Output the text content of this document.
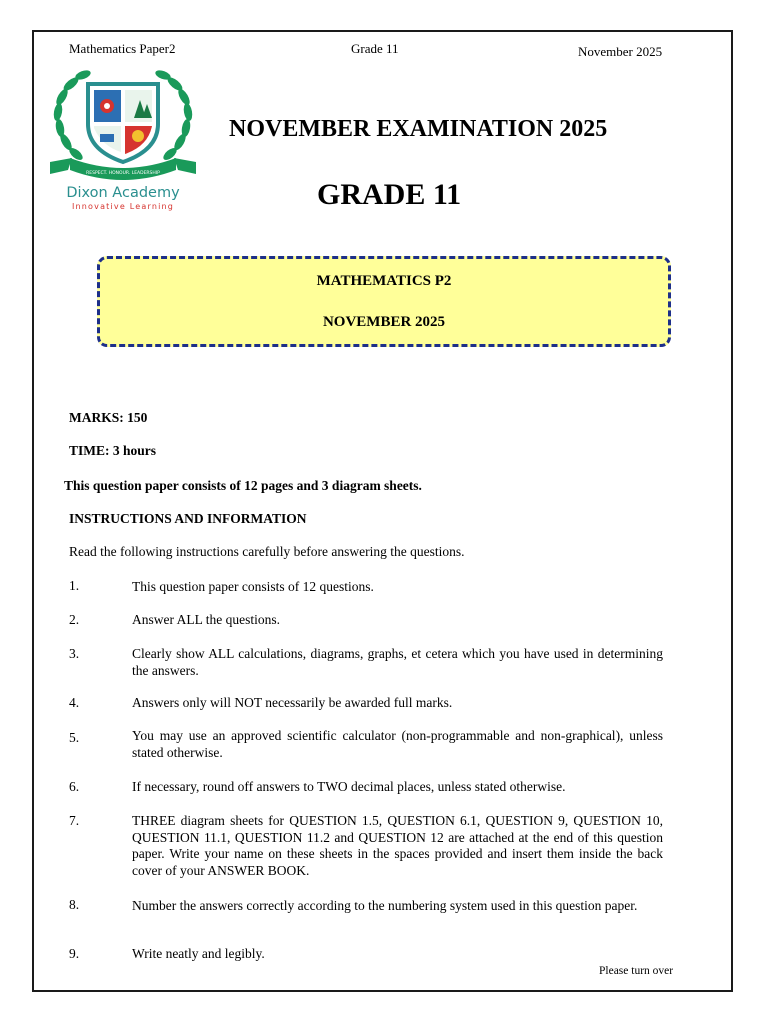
Mathematics Paper2	Grade 11	November 2025
RESPECT. HONOUR. LEADERSHIP
Dixon Academy
Innovative Learning
NOVEMBER EXAMINATION 2025
GRADE 11
MATHEMATICS P2
NOVEMBER 2025
MARKS: 150
TIME: 3 hours
This question paper consists of 12 pages and 3 diagram sheets.
INSTRUCTIONS AND INFORMATION
Read the following instructions carefully before answering the questions.
1.	This question paper consists of 12 questions.
2.	Answer ALL the questions.
3.	Clearly show ALL calculations, diagrams, graphs, et cetera which you have used in determining the answers.
4.	Answers only will NOT necessarily be awarded full marks.
5.	You may use an approved scientific calculator (non-programmable and non-graphical), unless stated otherwise.
6.	If necessary, round off answers to TWO decimal places, unless stated otherwise.
7.	THREE diagram sheets for QUESTION 1.5, QUESTION 6.1, QUESTION 9, QUESTION 10, QUESTION 11.1, QUESTION 11.2 and QUESTION 12 are attached at the end of this question paper. Write your name on these sheets in the spaces provided and insert them inside the back cover of your ANSWER BOOK.
8.	Number the answers correctly according to the numbering system used in this question paper.
9.	Write neatly and legibly.
Please turn over
